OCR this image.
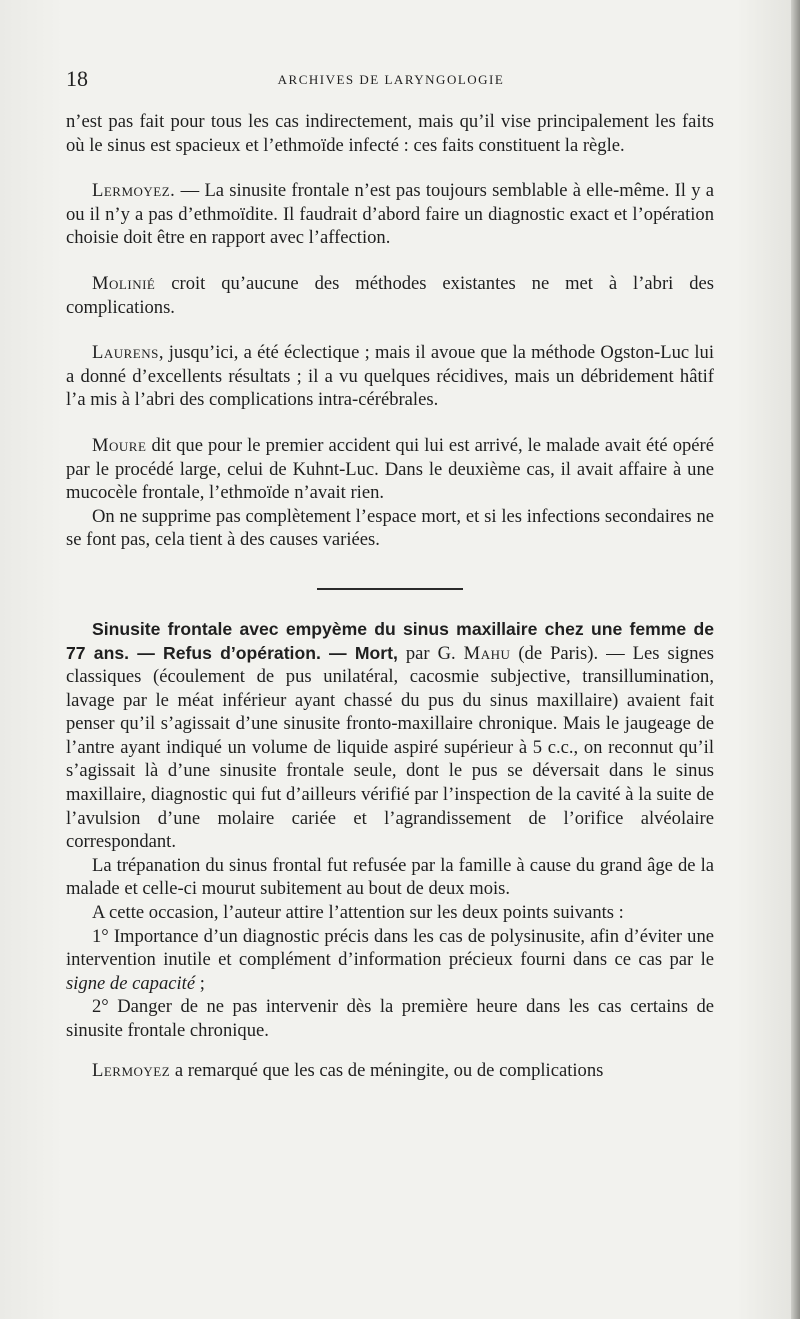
18	ARCHIVES DE LARYNGOLOGIE

n’est pas fait pour tous les cas indirectement, mais qu’il vise principalement les faits où le sinus est spacieux et l’ethmoïde infecté : ces faits constituent la règle.

Lermoyez. — La sinusite frontale n’est pas toujours semblable à elle-même. Il y a ou il n’y a pas d’ethmoïdite. Il faudrait d’abord faire un diagnostic exact et l’opération choisie doit être en rapport avec l’affection.

Molinié croit qu’aucune des méthodes existantes ne met à l’abri des complications.

Laurens, jusqu’ici, a été éclectique ; mais il avoue que la méthode Ogston-Luc lui a donné d’excellents résultats ; il a vu quelques récidives, mais un débridement hâtif l’a mis à l’abri des complications intra-cérébrales.

Moure dit que pour le premier accident qui lui est arrivé, le malade avait été opéré par le procédé large, celui de Kuhnt-Luc. Dans le deuxième cas, il avait affaire à une mucocèle frontale, l’ethmoïde n’avait rien.

On ne supprime pas complètement l’espace mort, et si les infections secondaires ne se font pas, cela tient à des causes variées.

Sinusite frontale avec empyème du sinus maxillaire chez une femme de 77 ans. — Refus d’opération. — Mort, par G. Mahu (de Paris). — Les signes classiques (écoulement de pus unilatéral, cacosmie subjective, transillumination, lavage par le méat inférieur ayant chassé du pus du sinus maxillaire) avaient fait penser qu’il s’agissait d’une sinusite fronto-maxillaire chronique. Mais le jaugeage de l’antre ayant indiqué un volume de liquide aspiré supérieur à 5 c.c., on reconnut qu’il s’agissait là d’une sinusite frontale seule, dont le pus se déversait dans le sinus maxillaire, diagnostic qui fut d’ailleurs vérifié par l’inspection de la cavité à la suite de l’avulsion d’une molaire cariée et l’agrandissement de l’orifice alvéolaire correspondant.

La trépanation du sinus frontal fut refusée par la famille à cause du grand âge de la malade et celle-ci mourut subitement au bout de deux mois.

A cette occasion, l’auteur attire l’attention sur les deux points suivants :

1° Importance d’un diagnostic précis dans les cas de polysinusite, afin d’éviter une intervention inutile et complément d’information précieux fourni dans ce cas par le signe de capacité ;

2° Danger de ne pas intervenir dès la première heure dans les cas certains de sinusite frontale chronique.

Lermoyez a remarqué que les cas de méningite, ou de complications
